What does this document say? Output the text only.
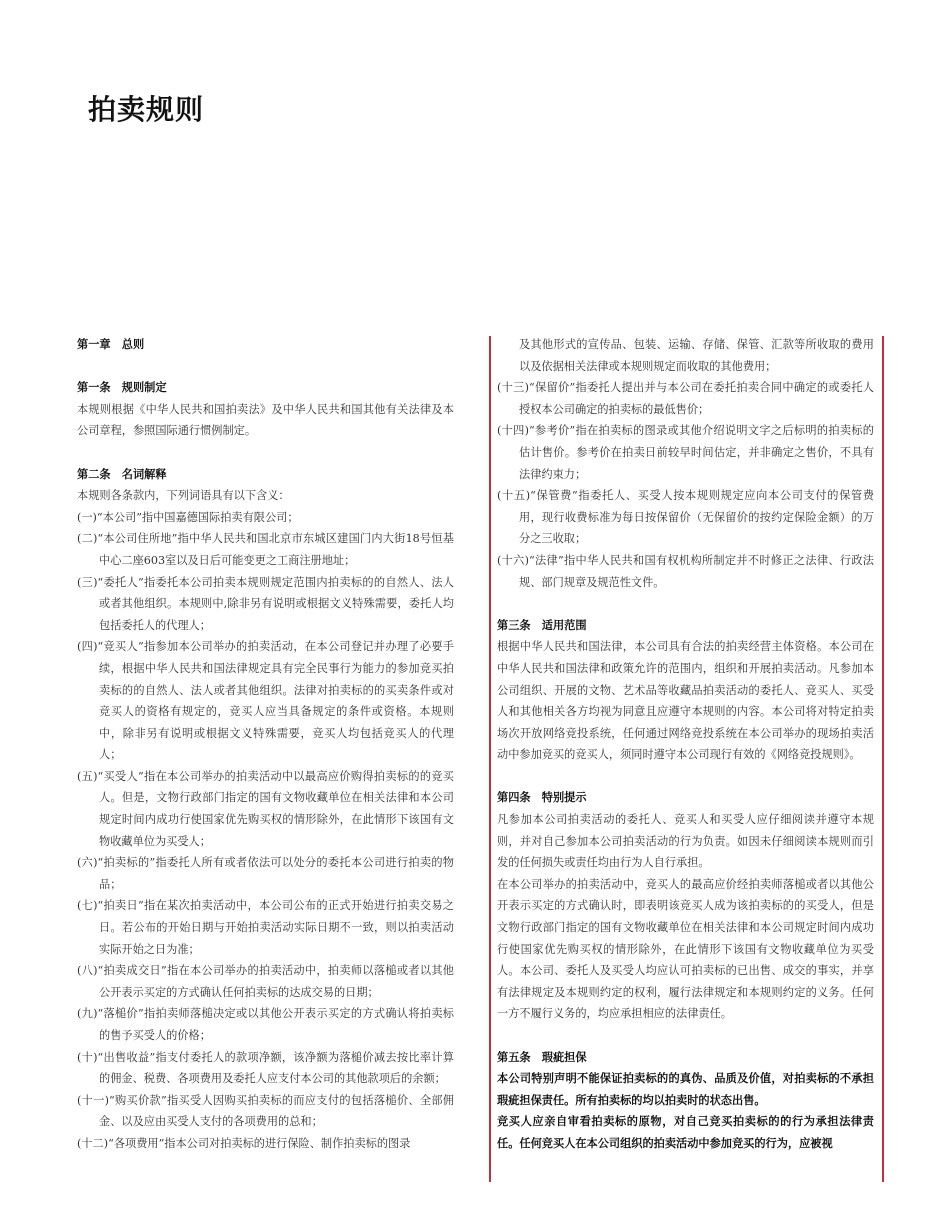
拍卖规则

第一章　总则

第一条　规则制定

本规则根据《中华人民共和国拍卖法》及中华人民共和国其他有关法律及本公司章程，参照国际通行惯例制定。

第二条　名词解释

本规则各条款内，下列词语具有以下含义：

(一)“本公司”指中国嘉德国际拍卖有限公司；

(二)“本公司住所地”指中华人民共和国北京市东城区建国门内大街18号恒基中心二座603室以及日后可能变更之工商注册地址；

(三)“委托人”指委托本公司拍卖本规则规定范围内拍卖标的的自然人、法人或者其他组织。本规则中,除非另有说明或根据文义特殊需要，委托人均包括委托人的代理人；

(四)“竞买人”指参加本公司举办的拍卖活动，在本公司登记并办理了必要手续，根据中华人民共和国法律规定具有完全民事行为能力的参加竞买拍卖标的的自然人、法人或者其他组织。法律对拍卖标的的买卖条件或对竞买人的资格有规定的，竞买人应当具备规定的条件或资格。本规则中，除非另有说明或根据文义特殊需要，竞买人均包括竞买人的代理人；

(五)“买受人”指在本公司举办的拍卖活动中以最高应价购得拍卖标的的竞买人。但是，文物行政部门指定的国有文物收藏单位在相关法律和本公司规定时间内成功行使国家优先购买权的情形除外，在此情形下该国有文物收藏单位为买受人；

(六)“拍卖标的”指委托人所有或者依法可以处分的委托本公司进行拍卖的物品；

(七)“拍卖日”指在某次拍卖活动中，本公司公布的正式开始进行拍卖交易之日。若公布的开始日期与开始拍卖活动实际日期不一致，则以拍卖活动实际开始之日为准；

(八)“拍卖成交日”指在本公司举办的拍卖活动中，拍卖师以落槌或者以其他公开表示买定的方式确认任何拍卖标的达成交易的日期；

(九)“落槌价”指拍卖师落槌决定或以其他公开表示买定的方式确认将拍卖标的售予买受人的价格；

(十)“出售收益”指支付委托人的款项净额，该净额为落槌价减去按比率计算的佣金、税费、各项费用及委托人应支付本公司的其他款项后的余额；

(十一)“购买价款”指买受人因购买拍卖标的而应支付的包括落槌价、全部佣金、以及应由买受人支付的各项费用的总和；

(十二)“各项费用”指本公司对拍卖标的进行保险、制作拍卖标的图录

及其他形式的宣传品、包装、运输、存储、保管、汇款等所收取的费用以及依据相关法律或本规则规定而收取的其他费用；

(十三)“保留价”指委托人提出并与本公司在委托拍卖合同中确定的或委托人授权本公司确定的拍卖标的最低售价；

(十四)“参考价”指在拍卖标的图录或其他介绍说明文字之后标明的拍卖标的估计售价。参考价在拍卖日前较早时间估定，并非确定之售价，不具有法律约束力；

(十五)“保管费”指委托人、买受人按本规则规定应向本公司支付的保管费用，现行收费标准为每日按保留价（无保留价的按约定保险金额）的万分之三收取；

(十六)“法律”指中华人民共和国有权机构所制定并不时修正之法律、行政法规、部门规章及规范性文件。

第三条　适用范围

根据中华人民共和国法律，本公司具有合法的拍卖经营主体资格。本公司在中华人民共和国法律和政策允许的范围内，组织和开展拍卖活动。凡参加本公司组织、开展的文物、艺术品等收藏品拍卖活动的委托人、竞买人、买受人和其他相关各方均视为同意且应遵守本规则的内容。本公司将对特定拍卖场次开放网络竞投系统，任何通过网络竞投系统在本公司举办的现场拍卖活动中参加竞买的竞买人，须同时遵守本公司现行有效的《网络竞投规则》。

第四条　特别提示

凡参加本公司拍卖活动的委托人、竞买人和买受人应仔细阅读并遵守本规则，并对自己参加本公司拍卖活动的行为负责。如因未仔细阅读本规则而引发的任何损失或责任均由行为人自行承担。

在本公司举办的拍卖活动中，竞买人的最高应价经拍卖师落槌或者以其他公开表示买定的方式确认时，即表明该竞买人成为该拍卖标的的买受人，但是文物行政部门指定的国有文物收藏单位在相关法律和本公司规定时间内成功行使国家优先购买权的情形除外，在此情形下该国有文物收藏单位为买受人。本公司、委托人及买受人均应认可拍卖标的已出售、成交的事实，并享有法律规定及本规则约定的权利，履行法律规定和本规则约定的义务。任何一方不履行义务的，均应承担相应的法律责任。

第五条　瑕疵担保

本公司特别声明不能保证拍卖标的的真伪、品质及价值，对拍卖标的不承担瑕疵担保责任。所有拍卖标的均以拍卖时的状态出售。

竞买人应亲自审看拍卖标的原物，对自己竞买拍卖标的的行为承担法律责任。任何竞买人在本公司组织的拍卖活动中参加竞买的行为，应被视
